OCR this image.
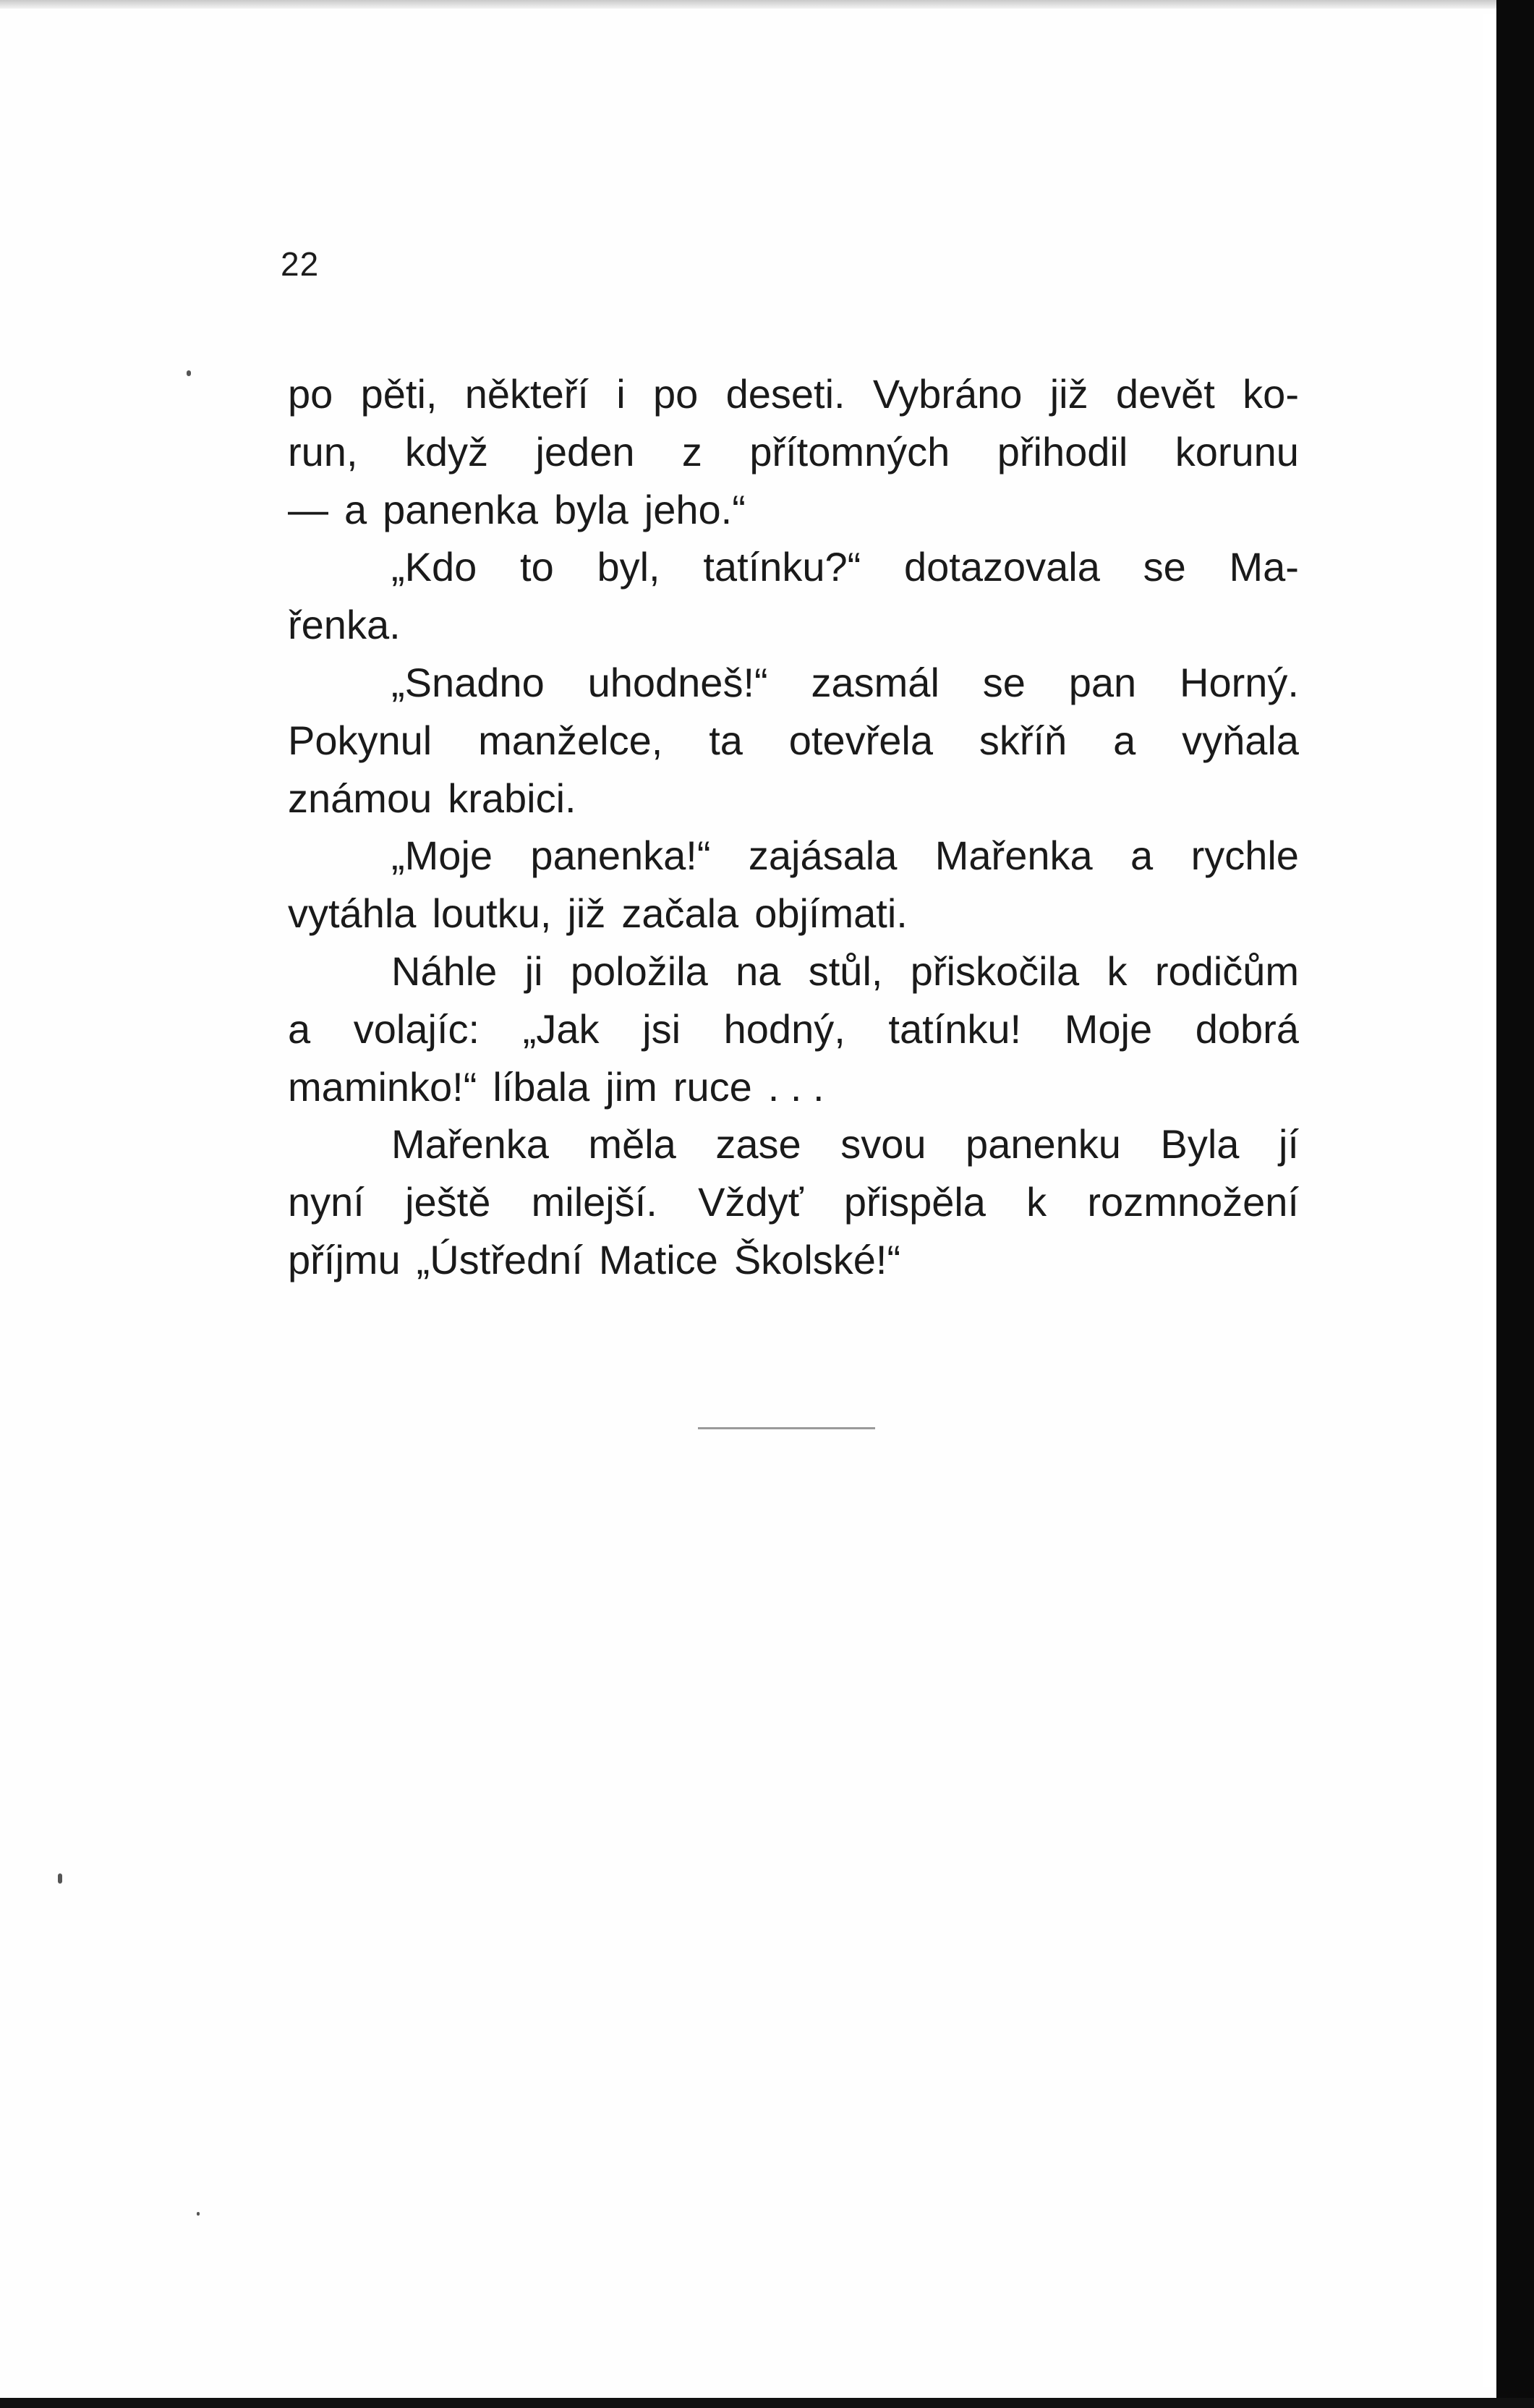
22
po pěti, někteří i po deseti. Vybráno již devět ko-
run, když jeden z přítomných přihodil korunu
— a panenka byla jeho.“
„Kdo to byl, tatínku?“ dotazovala se Ma-
řenka.
„Snadno uhodneš!“ zasmál se pan Horný.
Pokynul manželce, ta otevřela skříň a vyňala
známou krabici.
„Moje panenka!“ zajásala Mařenka a rychle
vytáhla loutku, již začala objímati.
Náhle ji položila na stůl, přiskočila k rodičům
a volajíc: „Jak jsi hodný, tatínku! Moje dobrá
maminko!“ líbala jim ruce . . .
Mařenka měla zase svou panenku Byla jí
nyní ještě milejší. Vždyť přispěla k rozmnožení
příjmu „Ústřední Matice Školské!“
